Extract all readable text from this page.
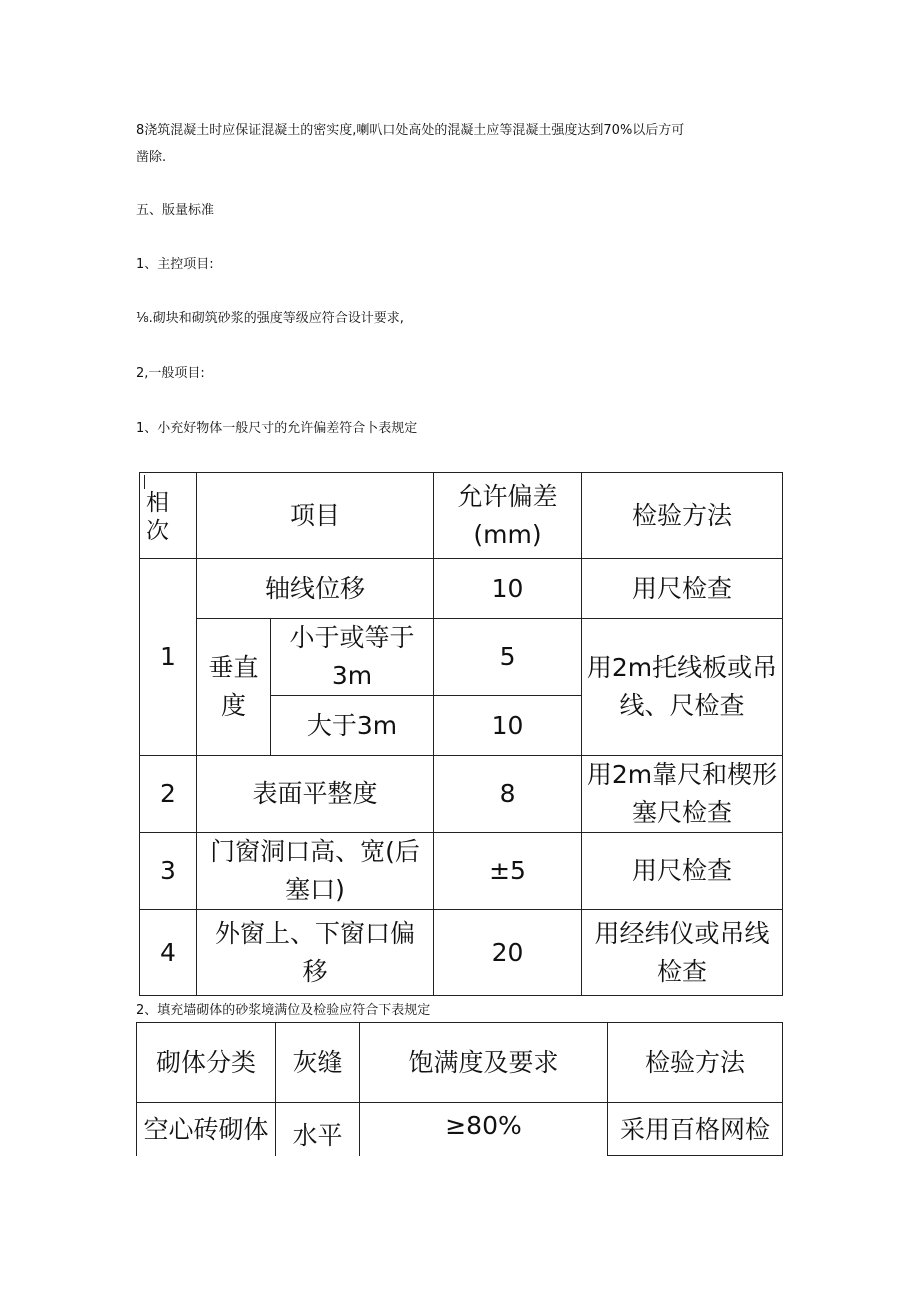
8浇筑混凝土时应保证混凝土的密实度,喇叭口处高处的混凝土应等混凝土强度达到70%以后方可
凿除.
五、版量标准
1、主控项目:
⅛.砌块和砌筑砂浆的强度等级应符合设计要求,
2,一般项目:
1、小充好物体一般尺寸的允许偏差符合卜表规定
相次	项目		允许偏差(mm)	检验方法
1	轴线位移		10	用尺检查
	垂直度	小于或等于3m	5	用2m托线板或吊线、尺检查
		大于3m	10	
2	表面平整度		8	用2m靠尺和楔形塞尺检查
3	门窗洞口高、宽(后塞口)		±5	用尺检查
4	外窗上、下窗口偏移		20	用经纬仪或吊线检查
2、填充墙砌体的砂浆境满位及检验应符合下表规定
砌体分类	灰缝	饱满度及要求	检验方法
空心砖砌体	水平	≥80%	采用百格网检
